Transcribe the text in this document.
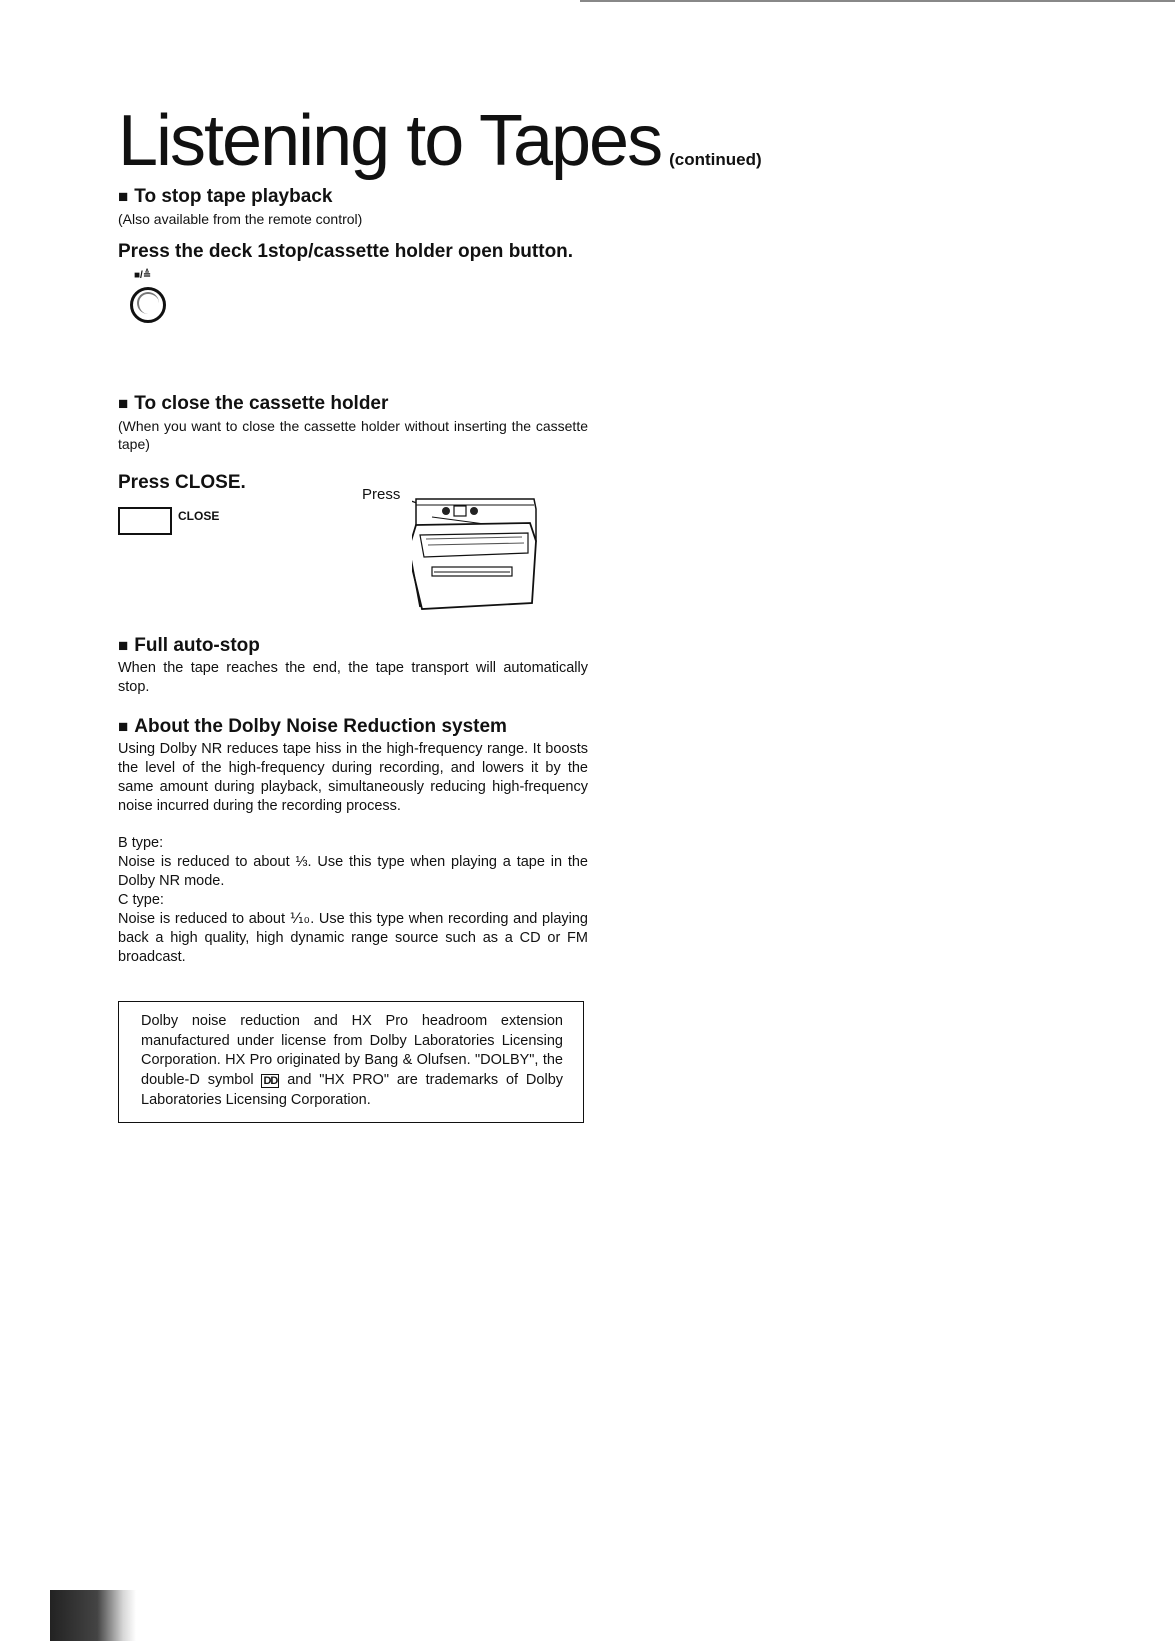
Listening to Tapes (continued)

■ To stop tape playback

(Also available from the remote control)

Press the deck 1stop/cassette holder open button.

■/≜

■ To close the cassette holder

(When you want to close the cassette holder without inserting the cassette tape)

Press CLOSE.

CLOSE
Press

■ Full auto-stop

When the tape reaches the end, the tape transport will automatically stop.

■ About the Dolby Noise Reduction system

Using Dolby NR reduces tape hiss in the high-frequency range. It boosts the level of the high-frequency during recording, and lowers it by the same amount during playback, simultaneously reducing high-frequency noise incurred during the recording process.

B type:

Noise is reduced to about ⅓. Use this type when playing a tape in the Dolby NR mode.

C type:

Noise is reduced to about ⅒. Use this type when recording and playing back a high quality, high dynamic range source such as a CD or FM broadcast.

Dolby noise reduction and HX Pro headroom extension manufactured under license from Dolby Laboratories Licensing Corporation. HX Pro originated by Bang & Olufsen. "DOLBY", the double-D symbol DD and "HX PRO" are trademarks of Dolby Laboratories Licensing Corporation.
